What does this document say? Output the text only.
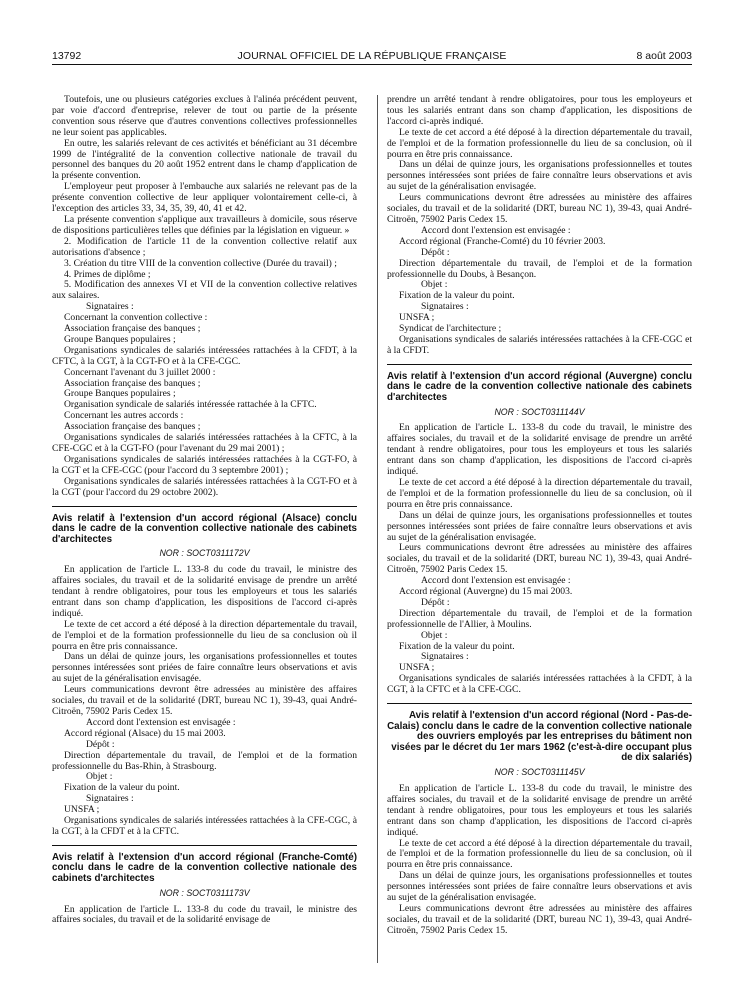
13792	JOURNAL OFFICIEL DE LA RÉPUBLIQUE FRANÇAISE	8 août 2003

Toutefois, une ou plusieurs catégories exclues à l'alinéa précédent peuvent, par voie d'accord d'entreprise, relever de tout ou partie de la présente convention sous réserve que d'autres conventions collectives professionnelles ne leur soient pas applicables.

En outre, les salariés relevant de ces activités et bénéficiant au 31 décembre 1999 de l'intégralité de la convention collective nationale de travail du personnel des banques du 20 août 1952 entrent dans le champ d'application de la présente convention.

L'employeur peut proposer à l'embauche aux salariés ne relevant pas de la présente convention collective de leur appliquer volontairement celle-ci, à l'exception des articles 33, 34, 35, 39, 40, 41 et 42.

La présente convention s'applique aux travailleurs à domicile, sous réserve de dispositions particulières telles que définies par la législation en vigueur. »

2. Modification de l'article 11 de la convention collective relatif aux autorisations d'absence ;

3. Création du titre VIII de la convention collective (Durée du travail) ;

4. Primes de diplôme ;

5. Modification des annexes VI et VII de la convention collective relatives aux salaires.

Signataires :

Concernant la convention collective :

Association française des banques ;

Groupe Banques populaires ;

Organisations syndicales de salariés intéressées rattachées à la CFDT, à la CFTC, à la CGT, à la CGT-FO et à la CFE-CGC.

Concernant l'avenant du 3 juillet 2000 :

Association française des banques ;

Groupe Banques populaires ;

Organisation syndicale de salariés intéressée rattachée à la CFTC.

Concernant les autres accords :

Association française des banques ;

Organisations syndicales de salariés intéressées rattachées à la CFTC, à la CFE-CGC et à la CGT-FO (pour l'avenant du 29 mai 2001) ;

Organisations syndicales de salariés intéressées rattachées à la CGT-FO, à la CGT et la CFE-CGC (pour l'accord du 3 septembre 2001) ;

Organisations syndicales de salariés intéressées rattachées à la CGT-FO et à la CGT (pour l'accord du 29 octobre 2002).

Avis relatif à l'extension d'un accord régional (Alsace) conclu dans le cadre de la convention collective nationale des cabinets d'architectes

NOR : SOCT0311172V

En application de l'article L. 133-8 du code du travail, le ministre des affaires sociales, du travail et de la solidarité envisage de prendre un arrêté tendant à rendre obligatoires, pour tous les employeurs et tous les salariés entrant dans son champ d'application, les dispositions de l'accord ci-après indiqué.

Le texte de cet accord a été déposé à la direction départementale du travail, de l'emploi et de la formation professionnelle du lieu de sa conclusion où il pourra en être pris connaissance.

Dans un délai de quinze jours, les organisations professionnelles et toutes personnes intéressées sont priées de faire connaître leurs observations et avis au sujet de la généralisation envisagée.

Leurs communications devront être adressées au ministère des affaires sociales, du travail et de la solidarité (DRT, bureau NC 1), 39-43, quai André-Citroën, 75902 Paris Cedex 15.

Accord dont l'extension est envisagée :

Accord régional (Alsace) du 15 mai 2003.

Dépôt :

Direction départementale du travail, de l'emploi et de la formation professionnelle du Bas-Rhin, à Strasbourg.

Objet :

Fixation de la valeur du point.

Signataires :

UNSFA ;

Organisations syndicales de salariés intéressées rattachées à la CFE-CGC, à la CGT, à la CFDT et à la CFTC.

Avis relatif à l'extension d'un accord régional (Franche-Comté) conclu dans le cadre de la convention collective nationale des cabinets d'architectes

NOR : SOCT0311173V

En application de l'article L. 133-8 du code du travail, le ministre des affaires sociales, du travail et de la solidarité envisage de

prendre un arrêté tendant à rendre obligatoires, pour tous les employeurs et tous les salariés entrant dans son champ d'application, les dispositions de l'accord ci-après indiqué.

Le texte de cet accord a été déposé à la direction départementale du travail, de l'emploi et de la formation professionnelle du lieu de sa conclusion, où il pourra en être pris connaissance.

Dans un délai de quinze jours, les organisations professionnelles et toutes personnes intéressées sont priées de faire connaître leurs observations et avis au sujet de la généralisation envisagée.

Leurs communications devront être adressées au ministère des affaires sociales, du travail et de la solidarité (DRT, bureau NC 1), 39-43, quai André-Citroën, 75902 Paris Cedex 15.

Accord dont l'extension est envisagée :

Accord régional (Franche-Comté) du 10 février 2003.

Dépôt :

Direction départementale du travail, de l'emploi et de la formation professionnelle du Doubs, à Besançon.

Objet :

Fixation de la valeur du point.

Signataires :

UNSFA ;

Syndicat de l'architecture ;

Organisations syndicales de salariés intéressées rattachées à la CFE-CGC et à la CFDT.

Avis relatif à l'extension d'un accord régional (Auvergne) conclu dans le cadre de la convention collective nationale des cabinets d'architectes

NOR : SOCT0311144V

En application de l'article L. 133-8 du code du travail, le ministre des affaires sociales, du travail et de la solidarité envisage de prendre un arrêté tendant à rendre obligatoires, pour tous les employeurs et tous les salariés entrant dans son champ d'application, les dispositions de l'accord ci-après indiqué.

Le texte de cet accord a été déposé à la direction départementale du travail, de l'emploi et de la formation professionnelle du lieu de sa conclusion, où il pourra en être pris connaissance.

Dans un délai de quinze jours, les organisations professionnelles et toutes personnes intéressées sont priées de faire connaître leurs observations et avis au sujet de la généralisation envisagée.

Leurs communications devront être adressées au ministère des affaires sociales, du travail et de la solidarité (DRT, bureau NC 1), 39-43, quai André-Citroën, 75902 Paris Cedex 15.

Accord dont l'extension est envisagée :

Accord régional (Auvergne) du 15 mai 2003.

Dépôt :

Direction départementale du travail, de l'emploi et de la formation professionnelle de l'Allier, à Moulins.

Objet :

Fixation de la valeur du point.

Signataires :

UNSFA ;

Organisations syndicales de salariés intéressées rattachées à la CFDT, à la CGT, à la CFTC et à la CFE-CGC.

Avis relatif à l'extension d'un accord régional (Nord - Pas-de-Calais) conclu dans le cadre de la convention collective nationale des ouvriers employés par les entreprises du bâtiment non visées par le décret du 1er mars 1962 (c'est-à-dire occupant plus de dix salariés)

NOR : SOCT0311145V

En application de l'article L. 133-8 du code du travail, le ministre des affaires sociales, du travail et de la solidarité envisage de prendre un arrêté tendant à rendre obligatoires, pour tous les employeurs et tous les salariés entrant dans son champ d'application, les dispositions de l'accord ci-après indiqué.

Le texte de cet accord a été déposé à la direction départementale du travail, de l'emploi et de la formation professionnelle du lieu de sa conclusion, où il pourra en être pris connaissance.

Dans un délai de quinze jours, les organisations professionnelles et toutes personnes intéressées sont priées de faire connaître leurs observations et avis au sujet de la généralisation envisagée.

Leurs communications devront être adressées au ministère des affaires sociales, du travail et de la solidarité (DRT, bureau NC 1), 39-43, quai André-Citroën, 75902 Paris Cedex 15.
